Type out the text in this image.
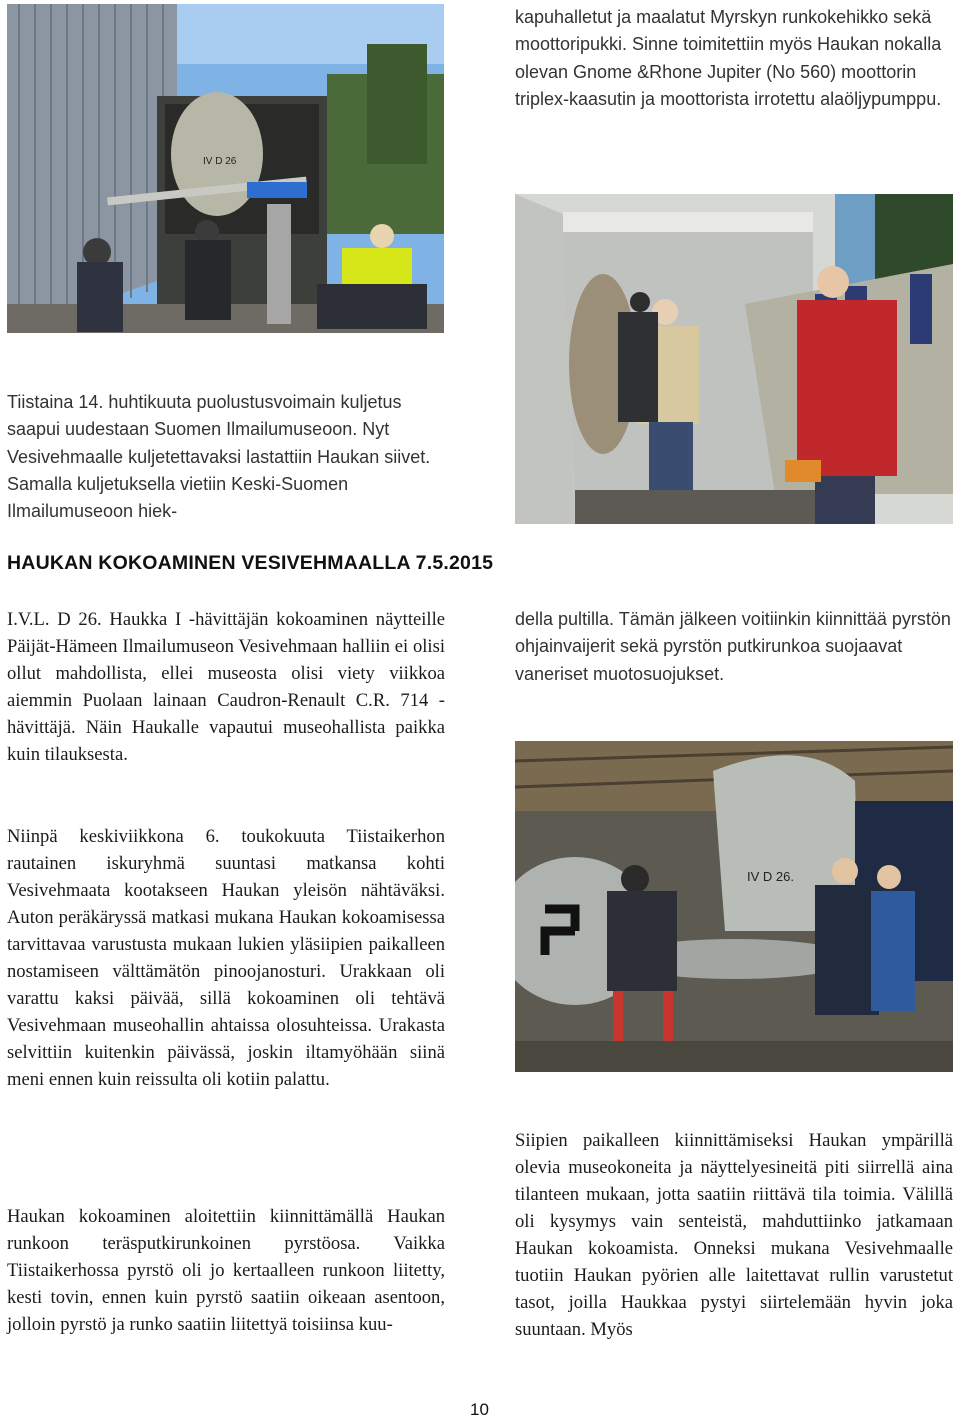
IV D 26
kapuhalletut ja maalatut Myrskyn runkokehikko sekä moottoripukki. Sinne toimitettiin myös Haukan nokalla olevan Gnome &Rhone Jupiter (No 560) moottorin triplex-kaasutin ja moottorista irrotettu alaöljypumppu.
Tiistaina 14. huhtikuuta puolustusvoimain kuljetus saapui uudestaan Suomen Ilmailumuseoon. Nyt Vesivehmaalle kuljetettavaksi lastattiin Haukan siivet. Samalla kuljetuksella vietiin Keski-Suomen Ilmailumuseoon hiek-
HAUKAN KOKOAMINEN VESIVEHMAALLA 7.5.2015
I.V.L. D 26. Haukka I -hävittäjän kokoaminen näytteille Päijät-Hämeen Ilmailumuseon Vesivehmaan halliin ei olisi ollut mahdollista, ellei museosta olisi viety viikkoa aiemmin Puolaan lainaan Caudron-Renault C.R. 714 -hävittäjä. Näin Haukalle vapautui museohallista paikka kuin tilauksesta.
della pultilla. Tämän jälkeen voitiinkin kiinnittää pyrstön ohjainvaijerit sekä pyrstön putkirunkoa suojaavat vaneriset muotosuojukset.
IV D 26.
Niinpä keskiviikkona 6. toukokuuta Tiistaikerhon rautainen iskuryhmä suuntasi matkansa kohti Vesivehmaata kootakseen Haukan yleisön nähtäväksi. Auton peräkäryssä matkasi mukana Haukan kokoamisessa tarvittavaa varustusta mukaan lukien yläsiipien paikalleen nostamiseen välttämätön pinoojanosturi. Urakkaan oli varattu kaksi päivää, sillä kokoaminen oli tehtävä Vesivehmaan museohallin ahtaissa olosuhteissa. Urakasta selvittiin kuitenkin päivässä, joskin iltamyöhään siinä meni ennen kuin reissulta oli kotiin palattu.
Haukan kokoaminen aloitettiin kiinnittämällä Haukan runkoon teräsputkirunkoinen pyrstöosa. Vaikka Tiistaikerhossa pyrstö oli jo kertaalleen runkoon liitetty, kesti tovin, ennen kuin pyrstö saatiin oikeaan asentoon, jolloin pyrstö ja runko saatiin liitettyä toisiinsa kuu-
Siipien paikalleen kiinnittämiseksi Haukan ympärillä olevia museokoneita ja näyttelyesineitä piti siirrellä aina tilanteen mukaan, jotta saatiin riittävä tila toimia. Välillä oli kysymys vain senteistä, mahduttiinko jatkamaan Haukan kokoamista. Onneksi mukana Vesivehmaalle tuotiin Haukan pyörien alle laitettavat rullin varustetut tasot, joilla Haukkaa pystyi siirtelemään hyvin joka suuntaan. Myös
10
